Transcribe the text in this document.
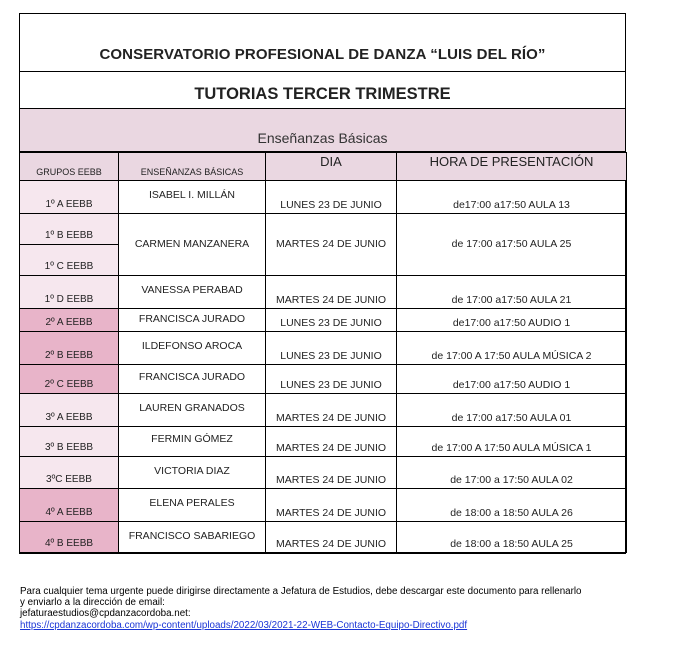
CONSERVATORIO PROFESIONAL DE DANZA “LUIS DEL RÍO”
TUTORIAS TERCER TRIMESTRE
Enseñanzas Básicas
GRUPOS EEBB	ENSEÑANZAS BÁSICAS	DIA	HORA DE PRESENTACIÓN
1º A EEBB	ISABEL I. MILLÁN	LUNES 23 DE JUNIO	de17:00 a17:50 AULA 13
1º B EEBB	CARMEN MANZANERA	MARTES 24 DE JUNIO	de 17:00 a17:50 AULA 25
1º C EEBB			
1º D EEBB	VANESSA PERABAD	MARTES 24 DE JUNIO	de 17:00 a17:50 AULA 21
2º A EEBB	FRANCISCA JURADO	LUNES 23 DE JUNIO	de17:00 a17:50 AUDIO 1
2º B EEBB	ILDEFONSO AROCA	LUNES 23 DE JUNIO	de 17:00 A 17:50 AULA MÚSICA 2
2º C EEBB	FRANCISCA JURADO	LUNES 23 DE JUNIO	de17:00 a17:50 AUDIO 1
3º A EEBB	LAUREN GRANADOS	MARTES 24 DE JUNIO	de 17:00 a17:50 AULA 01
3º B EEBB	FERMIN GÓMEZ	MARTES 24 DE JUNIO	de 17:00 A 17:50 AULA MÚSICA 1
3ºC EEBB	VICTORIA DIAZ	MARTES 24 DE JUNIO	de 17:00 a 17:50 AULA 02
4º A EEBB	ELENA PERALES	MARTES 24 DE JUNIO	de 18:00 a 18:50 AULA 26
4º B EEBB	FRANCISCO SABARIEGO	MARTES 24 DE JUNIO	de 18:00 a 18:50 AULA 25

Para cualquier tema urgente puede dirigirse directamente a Jefatura de Estudios, debe descargar este documento para rellenarlo

y enviarlo a la dirección de email:

jefaturaestudios@cpdanzacordoba.net:

https://cpdanzacordoba.com/wp-content/uploads/2022/03/2021-22-WEB-Contacto-Equipo-Directivo.pdf
